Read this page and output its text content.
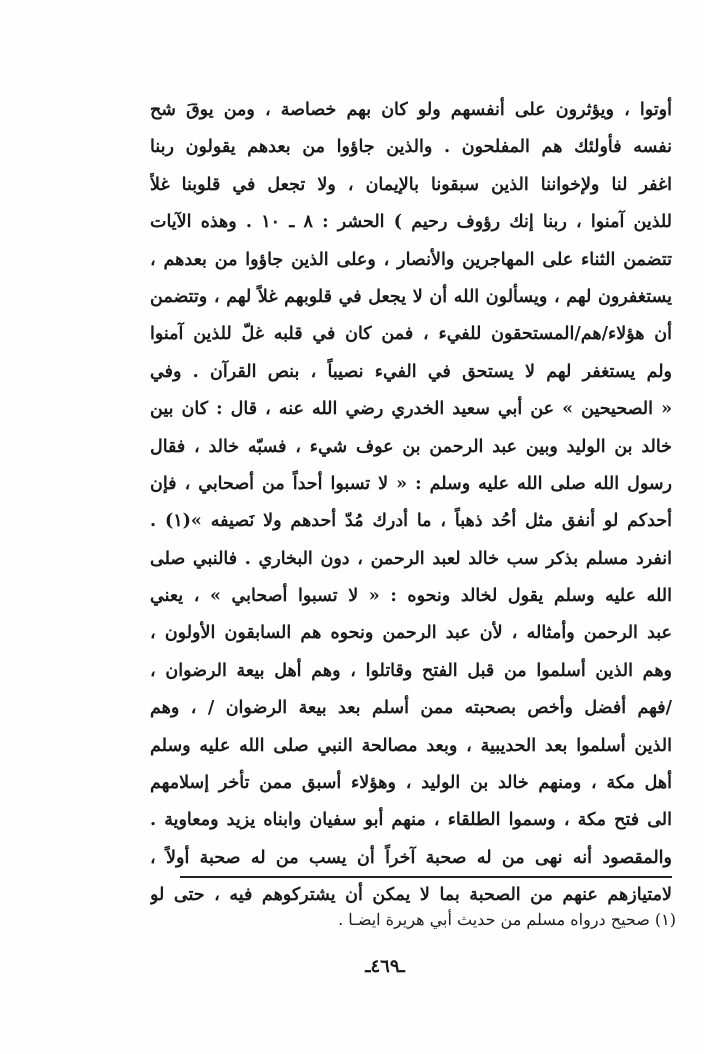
أوتوا ، ويؤثرون على أنفسهم ولو كان بهم خصاصة ، ومن يوقَ شح
نفسه فأولئك هم المفلحون . والذين جاؤوا من بعدهم يقولون ربنا
اغفر لنا ولإخواننا الذين سبقونا بالإيمان ، ولا تجعل في قلوبنا غلاً
للذين آمنوا ، ربنا إنك رؤوف رحيم ) الحشر : ٨ ـ ١٠ . وهذه الآيات
تتضمن الثناء على المهاجرين والأنصار ، وعلى الذين جاؤوا من بعدهم ،
يستغفرون لهم ، ويسألون الله أن لا يجعل في قلوبهم غلاً لهم ، وتتضمن
أن هؤلاء/هم/المستحقون للفيء ، فمن كان في قلبه غلّ للذين آمنوا
ولم يستغفر لهم لا يستحق في الفيء نصيباً ، بنص القرآن . وفي
« الصحيحين » عن أبي سعيد الخدري رضي الله عنه ، قال : كان بين
خالد بن الوليد وبين عبد الرحمن بن عوف شيء ، فسبّه خالد ، فقال
رسول الله صلى الله عليه وسلم : « لا تسبوا أحداً من أصحابي ، فإن
أحدكم لو أنفق مثل أحُد ذهباً ، ما أدرك مُدّ أحدهم ولا نَصيفه »(١) .
انفرد مسلم بذكر سب خالد لعبد الرحمن ، دون البخاري . فالنبي صلى
الله عليه وسلم يقول لخالد ونحوه : « لا تسبوا أصحابي » ، يعني
عبد الرحمن وأمثاله ، لأن عبد الرحمن ونحوه هم السابقون الأولون ،
وهم الذين أسلموا من قبل الفتح وقاتلوا ، وهم أهل بيعة الرضوان ،
/فهم أفضل وأخص بصحبته ممن أسلم بعد بيعة الرضوان / ، وهم
الذين أسلموا بعد الحديبية ، وبعد مصالحة النبي صلى الله عليه وسلم
أهل مكة ، ومنهم خالد بن الوليد ، وهؤلاء أسبق ممن تأخر إسلامهم
الى فتح مكة ، وسموا الطلقاء ، منهم أبو سفيان وابناه يزيد ومعاوية .
والمقصود أنه نهى من له صحبة آخراً أن يسب من له صحبة أولاً ،
لامتيازهم عنهم من الصحبة بما لا يمكن أن يشتركوهم فيه ، حتى لو
(١) صحيح درواه مسلم من حديث أبي هريرة ايضـا .
ـ٤٦٩ـ
